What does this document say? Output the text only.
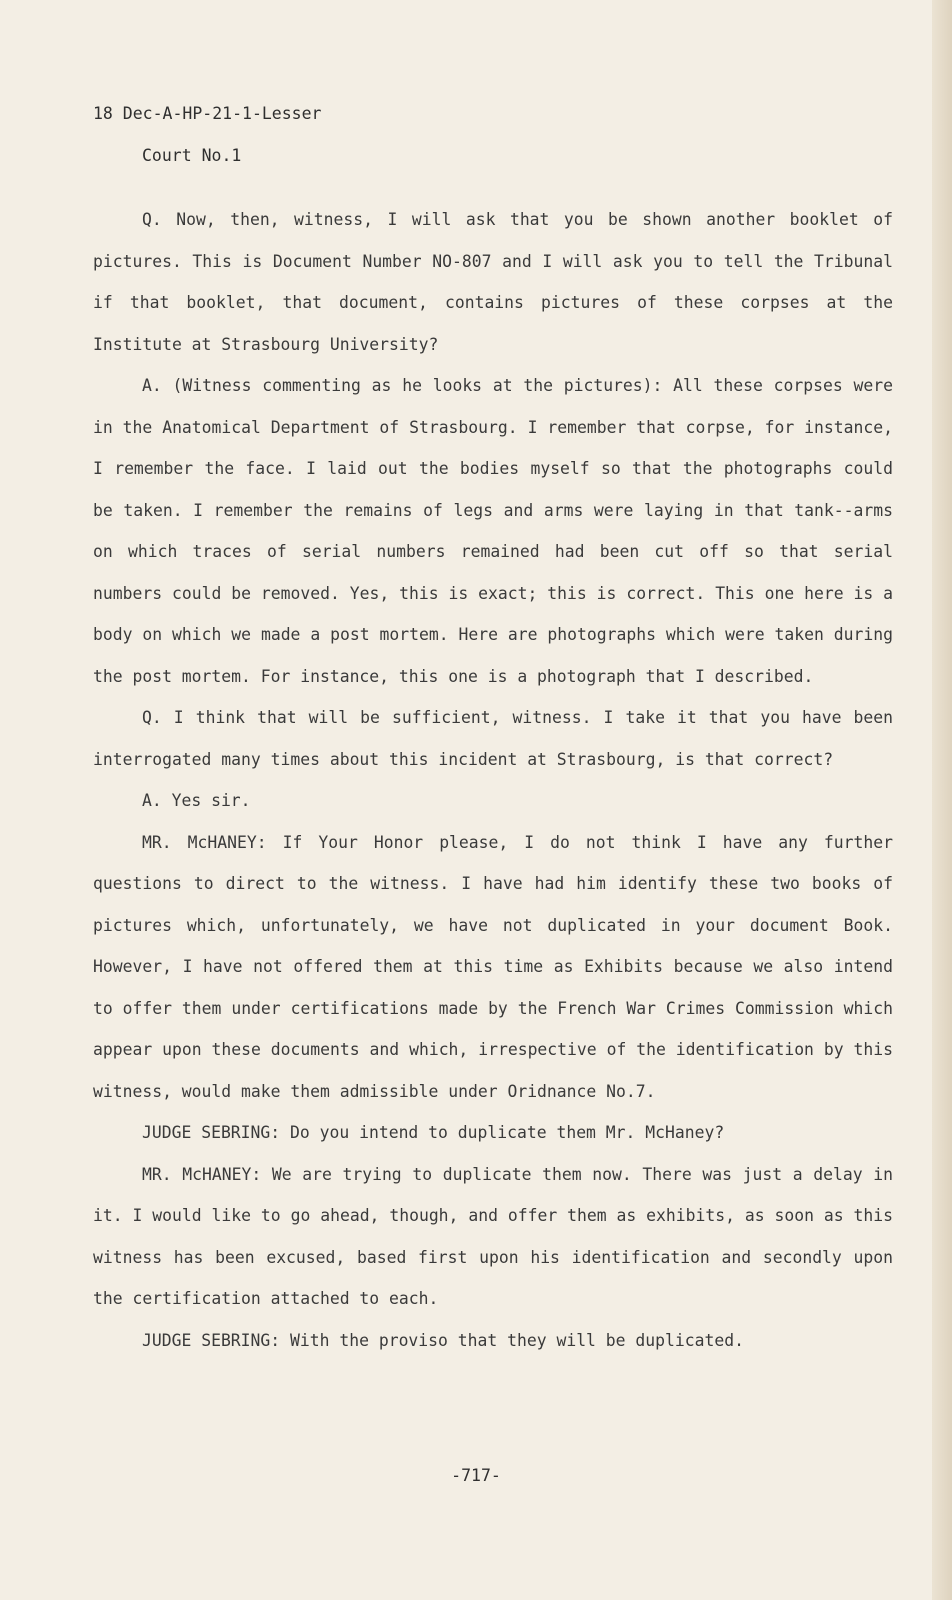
18 Dec-A-HP-21-1-Lesser
Court No.1

Q. Now, then, witness, I will ask that you be shown another booklet of pictures. This is Document Number NO-807 and I will ask you to tell the Tribunal if that booklet, that document, contains pictures of these corpses at the Institute at Strasbourg University?

A. (Witness commenting as he looks at the pictures): All these corpses were in the Anatomical Department of Strasbourg. I remember that corpse, for instance, I remember the face. I laid out the bodies myself so that the photographs could be taken. I remember the remains of legs and arms were laying in that tank--arms on which traces of serial numbers remained had been cut off so that serial numbers could be removed. Yes, this is exact; this is correct. This one here is a body on which we made a post mortem. Here are photographs which were taken during the post mortem. For instance, this one is a photograph that I described.

Q. I think that will be sufficient, witness. I take it that you have been interrogated many times about this incident at Strasbourg, is that correct?

A. Yes sir.

MR. McHANEY: If Your Honor please, I do not think I have any further questions to direct to the witness. I have had him identify these two books of pictures which, unfortunately, we have not duplicated in your document Book. However, I have not offered them at this time as Exhibits because we also intend to offer them under certifications made by the French War Crimes Commission which appear upon these documents and which, irrespective of the identification by this witness, would make them admissible under Oridnance No.7.

JUDGE SEBRING: Do you intend to duplicate them Mr. McHaney?

MR. McHANEY: We are trying to duplicate them now. There was just a delay in it. I would like to go ahead, though, and offer them as exhibits, as soon as this witness has been excused, based first upon his identification and secondly upon the certification attached to each.

JUDGE SEBRING: With the proviso that they will be duplicated.

-717-
